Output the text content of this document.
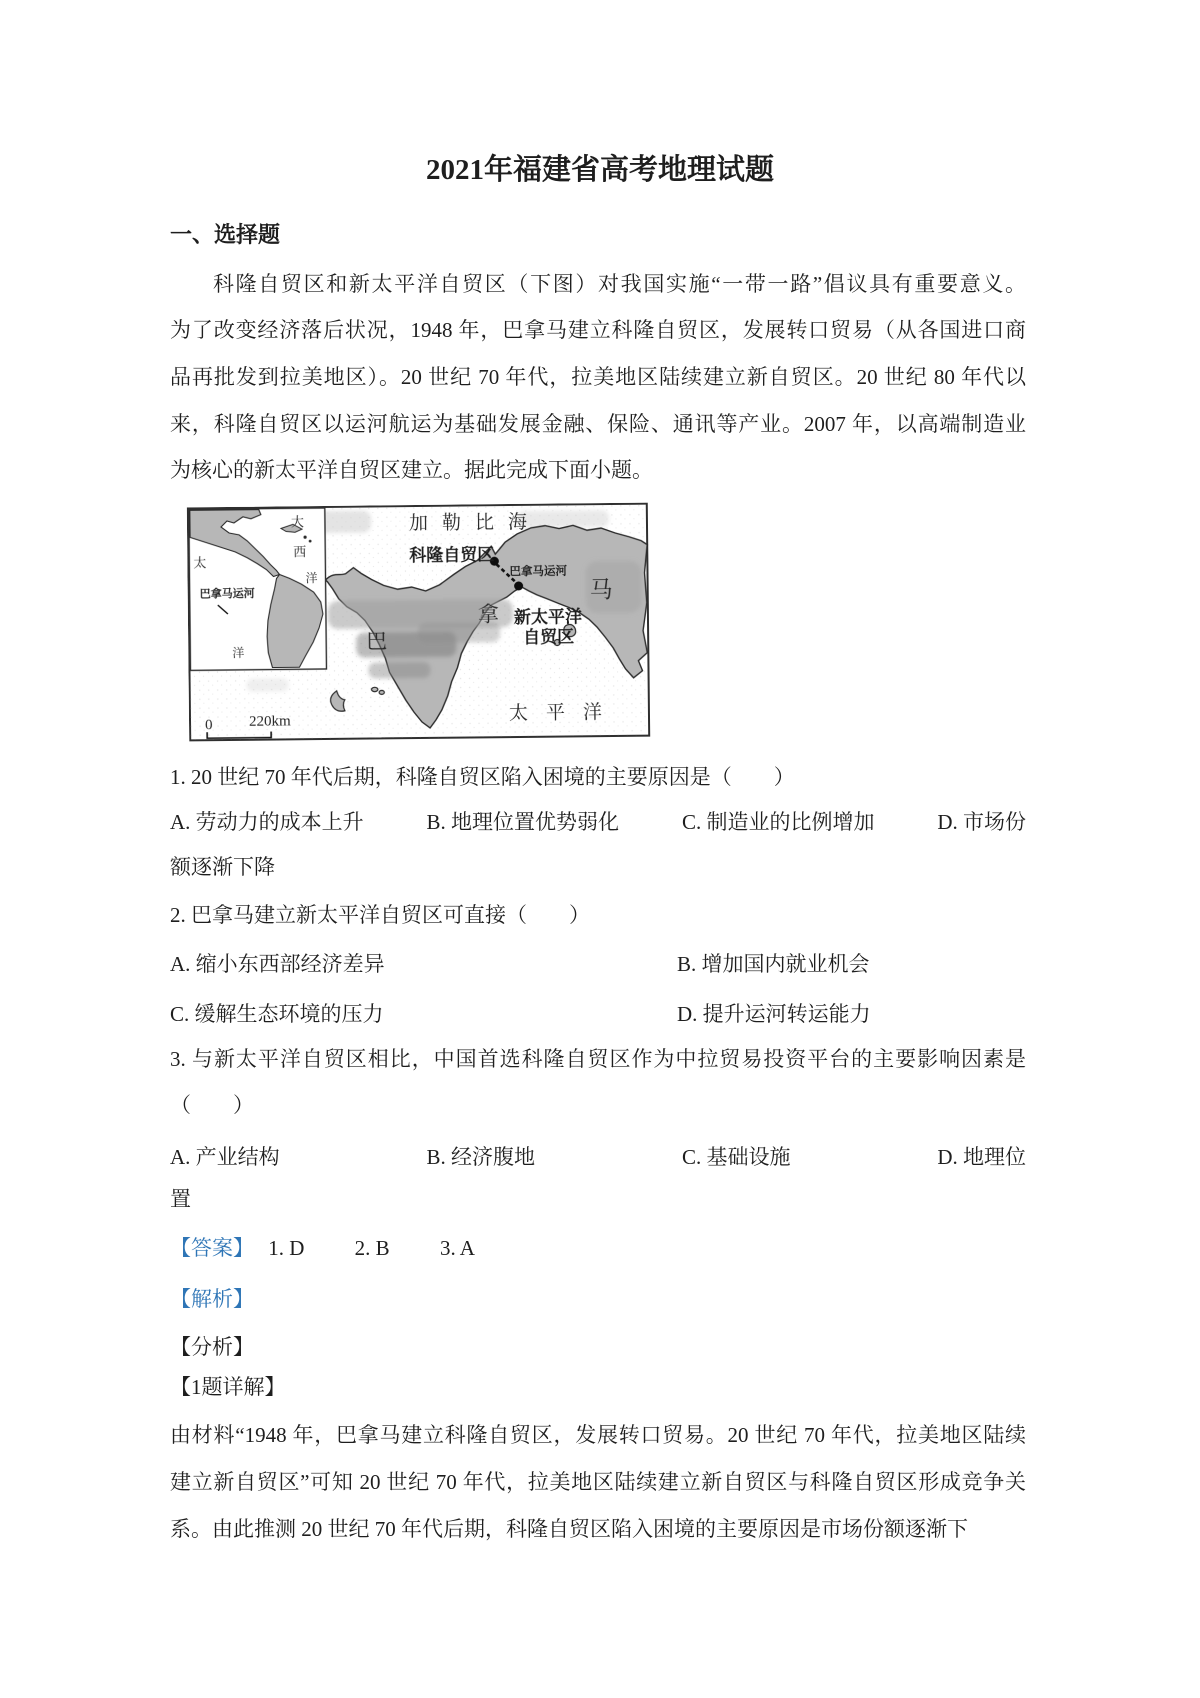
2021年福建省高考地理试题
一、选择题
科隆自贸区和新太平洋自贸区（下图）对我国实施“一带一路”倡议具有重要意义。
为了改变经济落后状况，1948 年，巴拿马建立科隆自贸区，发展转口贸易（从各国进口商
品再批发到拉美地区）。20 世纪 70 年代，拉美地区陆续建立新自贸区。20 世纪 80 年代以
来，科隆自贸区以运河航运为基础发展金融、保险、通讯等产业。2007 年，以高端制造业
为核心的新太平洋自贸区建立。据此完成下面小题。
加勒比海
科隆自贸区
巴拿马运河
巴
拿
马
新太平洋
自贸区
太平洋
0 220km
大
西
洋
太
洋
巴拿马运河
1. 20 世纪 70 年代后期，科隆自贸区陷入困境的主要原因是（　　）
A. 劳动力的成本上升	B. 地理位置优势弱化	C. 制造业的比例增加	D. 市场份
额逐渐下降
2. 巴拿马建立新太平洋自贸区可直接（　　）
A. 缩小东西部经济差异	B. 增加国内就业机会
C. 缓解生态环境的压力	D. 提升运河转运能力
3. 与新太平洋自贸区相比，中国首选科隆自贸区作为中拉贸易投资平台的主要影响因素是
（　　）
A. 产业结构	B. 经济腹地	C. 基础设施	D. 地理位
置
【答案】 1. D 2. B 3. A
【解析】
【分析】
【1题详解】
由材料“1948 年，巴拿马建立科隆自贸区，发展转口贸易。20 世纪 70 年代，拉美地区陆续
建立新自贸区”可知 20 世纪 70 年代，拉美地区陆续建立新自贸区与科隆自贸区形成竞争关
系。由此推测 20 世纪 70 年代后期，科隆自贸区陷入困境的主要原因是市场份额逐渐下
